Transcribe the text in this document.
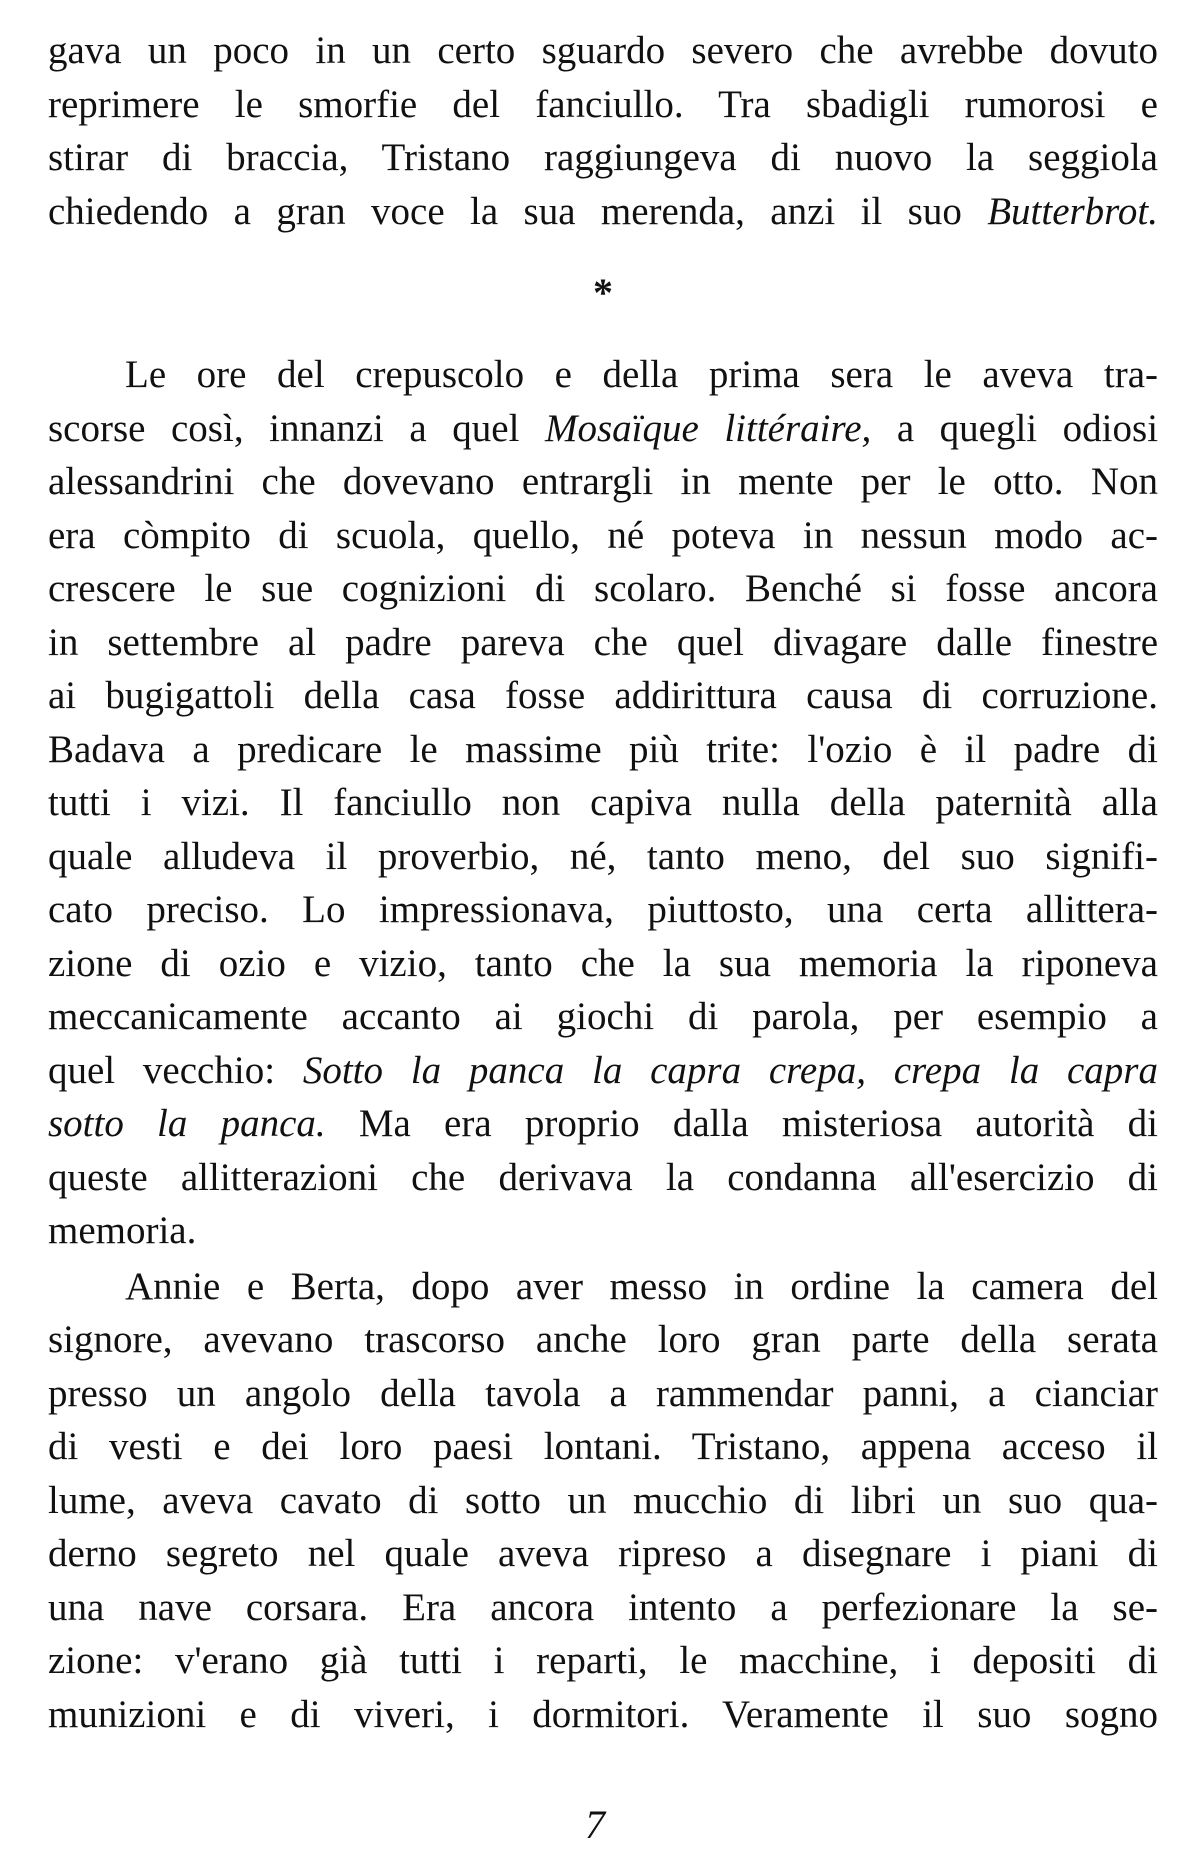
gava un poco in un certo sguardo severo che avrebbe dovuto
reprimere le smorfie del fanciullo. Tra sbadigli rumorosi e
stirar di braccia, Tristano raggiungeva di nuovo la seggiola
chiedendo a gran voce la sua merenda, anzi il suo Butterbrot.
*
Le ore del crepuscolo e della prima sera le aveva tra-
scorse così, innanzi a quel Mosaïque littéraire, a quegli odiosi
alessandrini che dovevano entrargli in mente per le otto. Non
era còmpito di scuola, quello, né poteva in nessun modo ac-
crescere le sue cognizioni di scolaro. Benché si fosse ancora
in settembre al padre pareva che quel divagare dalle finestre
ai bugigattoli della casa fosse addirittura causa di corruzione.
Badava a predicare le massime più trite: l'ozio è il padre di
tutti i vizi. Il fanciullo non capiva nulla della paternità alla
quale alludeva il proverbio, né, tanto meno, del suo signifi-
cato preciso. Lo impressionava, piuttosto, una certa allittera-
zione di ozio e vizio, tanto che la sua memoria la riponeva
meccanicamente accanto ai giochi di parola, per esempio a
quel vecchio: Sotto la panca la capra crepa, crepa la capra
sotto la panca. Ma era proprio dalla misteriosa autorità di
queste allitterazioni che derivava la condanna all'esercizio di
memoria.
Annie e Berta, dopo aver messo in ordine la camera del
signore, avevano trascorso anche loro gran parte della serata
presso un angolo della tavola a rammendar panni, a cianciar
di vesti e dei loro paesi lontani. Tristano, appena acceso il
lume, aveva cavato di sotto un mucchio di libri un suo qua-
derno segreto nel quale aveva ripreso a disegnare i piani di
una nave corsara. Era ancora intento a perfezionare la se-
zione: v'erano già tutti i reparti, le macchine, i depositi di
munizioni e di viveri, i dormitori. Veramente il suo sogno
7
